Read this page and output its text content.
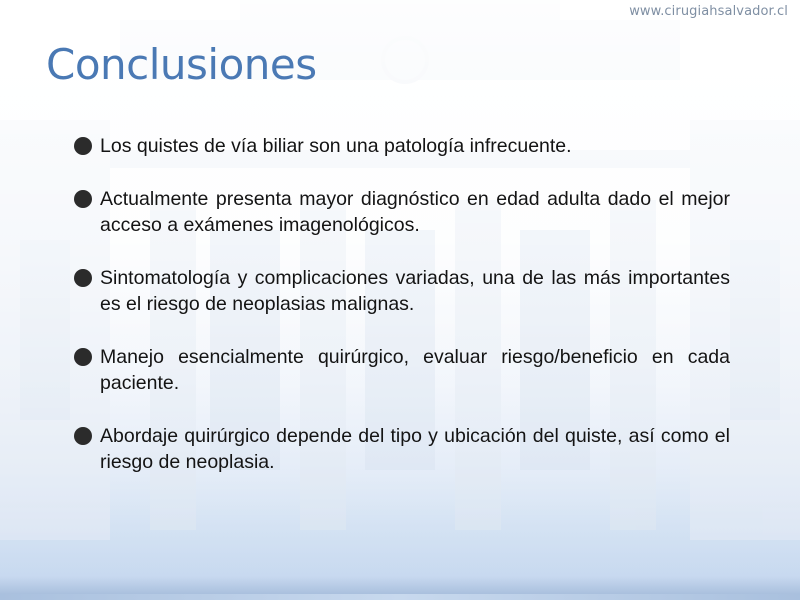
www.cirugiahsalvador.cl
Conclusiones
Los quistes de vía biliar son una patología infrecuente.
Actualmente presenta mayor diagnóstico en edad adulta dado el mejor acceso a exámenes imagenológicos.
Sintomatología y complicaciones variadas, una de las más importantes es el riesgo de neoplasias malignas.
Manejo esencialmente quirúrgico, evaluar riesgo/beneficio en cada paciente.
Abordaje quirúrgico depende del tipo y ubicación del quiste, así como el riesgo de neoplasia.
